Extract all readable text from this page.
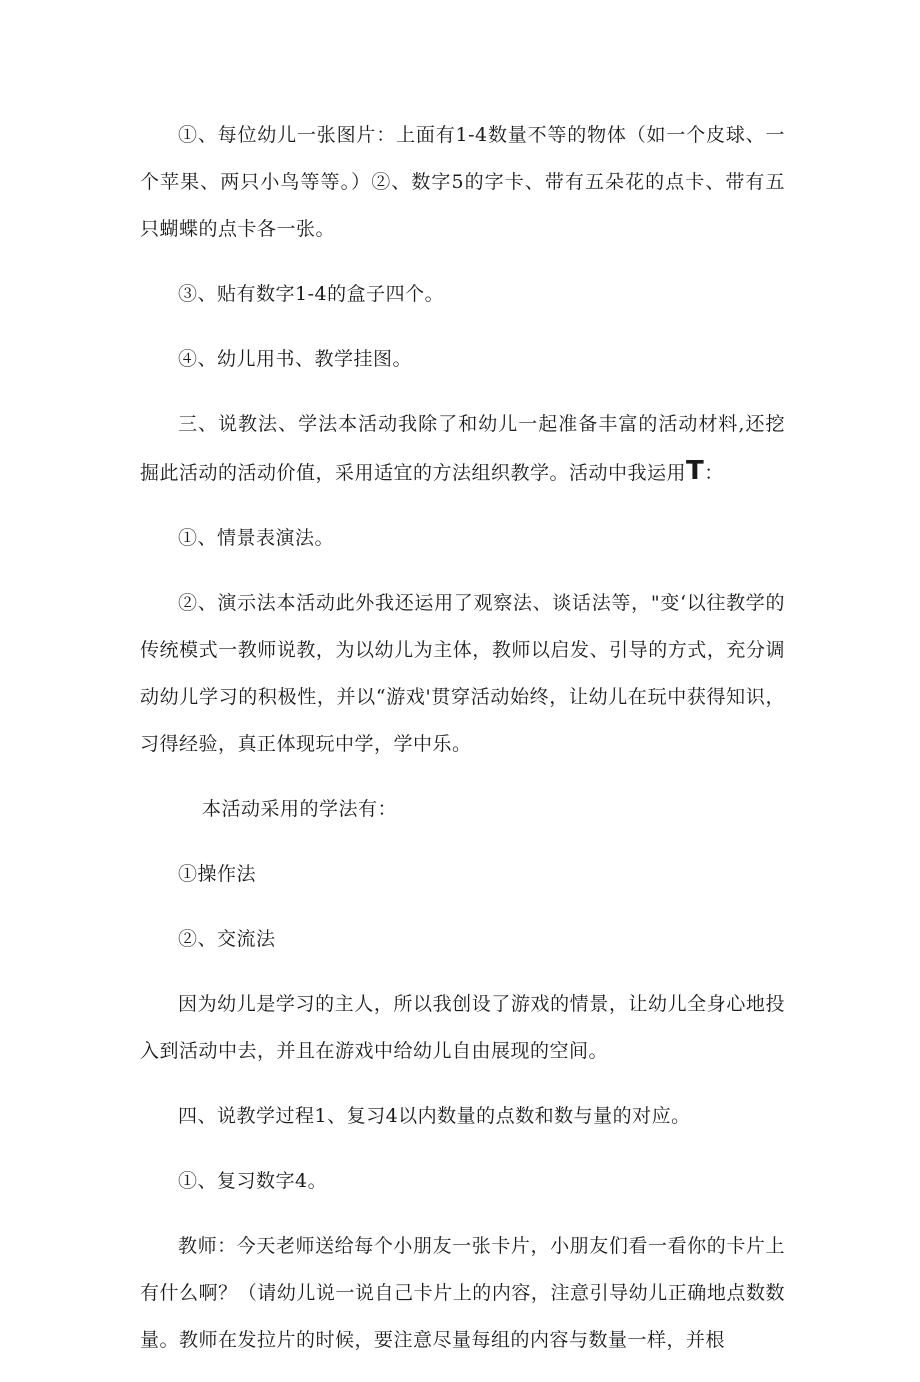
①、每位幼儿一张图片：上面有1-4数量不等的物体（如一个皮球、一个苹果、两只小鸟等等。）②、数字5的字卡、带有五朵花的点卡、带有五只蝴蝶的点卡各一张。

③、贴有数字1-4的盒子四个。

④、幼儿用书、教学挂图。

三、说教法、学法本活动我除了和幼儿一起准备丰富的活动材料,还挖掘此活动的活动价值，采用适宜的方法组织教学。活动中我运用T：

①、情景表演法。

②、演示法本活动此外我还运用了观察法、谈话法等，"变‘以往教学的传统模式一教师说教，为以幼儿为主体，教师以启发、引导的方式，充分调动幼儿学习的积极性，并以“游戏'贯穿活动始终，让幼儿在玩中获得知识，习得经验，真正体现玩中学，学中乐。

本活动采用的学法有：

①操作法

②、交流法

因为幼儿是学习的主人，所以我创设了游戏的情景，让幼儿全身心地投入到活动中去，并且在游戏中给幼儿自由展现的空间。

四、说教学过程1、复习4以内数量的点数和数与量的对应。

①、复习数字4。

教师：今天老师送给每个小朋友一张卡片，小朋友们看一看你的卡片上有什么啊？（请幼儿说一说自己卡片上的内容，注意引导幼儿正确地点数数量。教师在发拉片的时候，要注意尽量每组的内容与数量一样，并根
